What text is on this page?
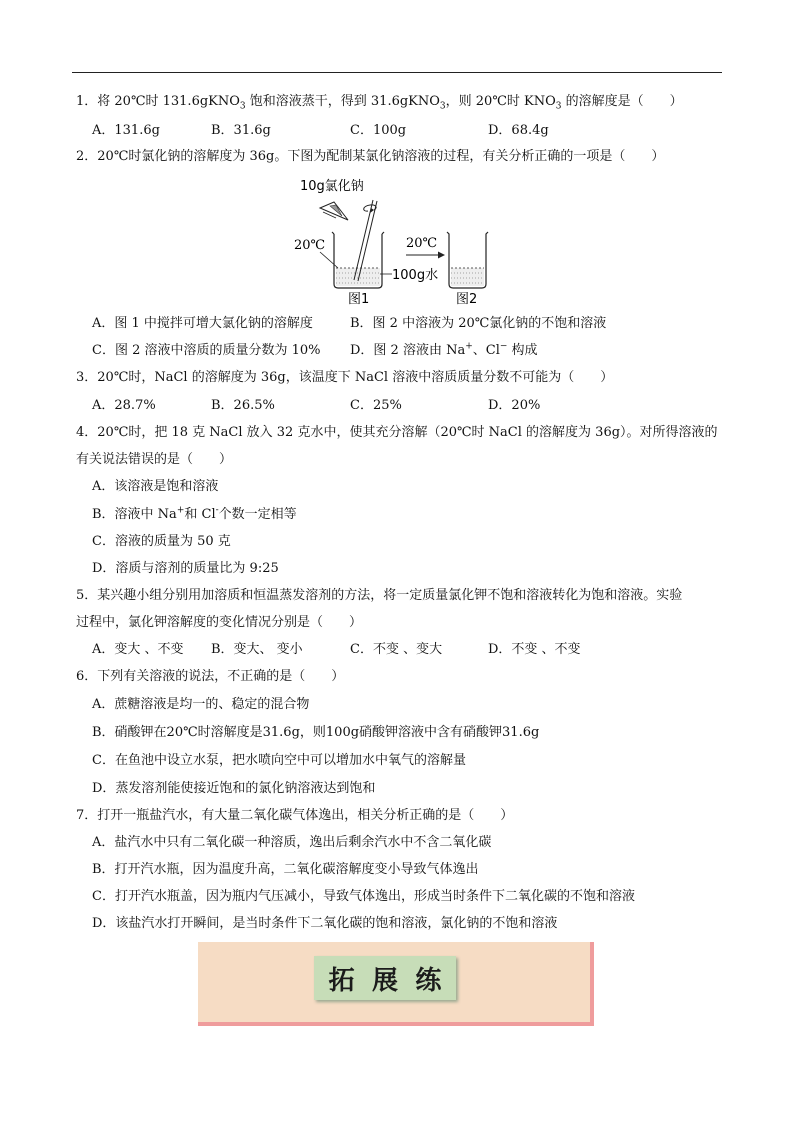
1．将 20℃时 131.6gKNO$_3$ 饱和溶液蒸干，得到 31.6gKNO$_3$，则 20℃时 $KNO_3$ 的溶解度是（　　）
A．131.6g	B．31.6g	C．100g	D．68.4g
2．20℃时氯化钠的溶解度为 36g。下图为配制某氯化钠溶液的过程，有关分析正确的一项是（　　）
10g氯化钠
20℃
100g水
20℃
图1	图2
A．图 1 中搅拌可增大氯化钠的溶解度	B．图 2 中溶液为 20℃氯化钠的不饱和溶液
C．图 2 溶液中溶质的质量分数为 10% D．图 2 溶液由 Na+、Cl− 构成
3．20℃时，NaCl 的溶解度为 36g，该温度下 NaCl 溶液中溶质质量分数不可能为（　　）
A．28.7%	B．26.5%	C．25%	D．20%
4．20℃时，把 18 克 NaCl 放入 32 克水中，使其充分溶解（20℃时 NaCl 的溶解度为 36g）。对所得溶液的
有关说法错误的是（　　）
A．该溶液是饱和溶液
B．溶液中 Na+和 Cl-个数一定相等
C．溶液的质量为 50 克
D．溶质与溶剂的质量比为 9:25
5．某兴趣小组分别用加溶质和恒温蒸发溶剂的方法，将一定质量氯化钾不饱和溶液转化为饱和溶液。实验
过程中，氯化钾溶解度的变化情况分别是（　　）
A．变大 、不变 B．变大、 变小	C．不变 、变大	D．不变 、不变
6．下列有关溶液的说法，不正确的是（　　）
A．蔗糖溶液是均一的、稳定的混合物
B．硝酸钾在20℃时溶解度是31.6g，则100g硝酸钾溶液中含有硝酸钾31.6g
C．在鱼池中设立水泵，把水喷向空中可以增加水中氧气的溶解量
D．蒸发溶剂能使接近饱和的氯化钠溶液达到饱和
7．打开一瓶盐汽水，有大量二氧化碳气体逸出，相关分析正确的是（　　）
A．盐汽水中只有二氧化碳一种溶质，逸出后剩余汽水中不含二氧化碳
B．打开汽水瓶，因为温度升高，二氧化碳溶解度变小导致气体逸出
C．打开汽水瓶盖，因为瓶内气压减小，导致气体逸出，形成当时条件下二氧化碳的不饱和溶液
D．该盐汽水打开瞬间，是当时条件下二氧化碳的饱和溶液，氯化钠的不饱和溶液
拓 展 练
